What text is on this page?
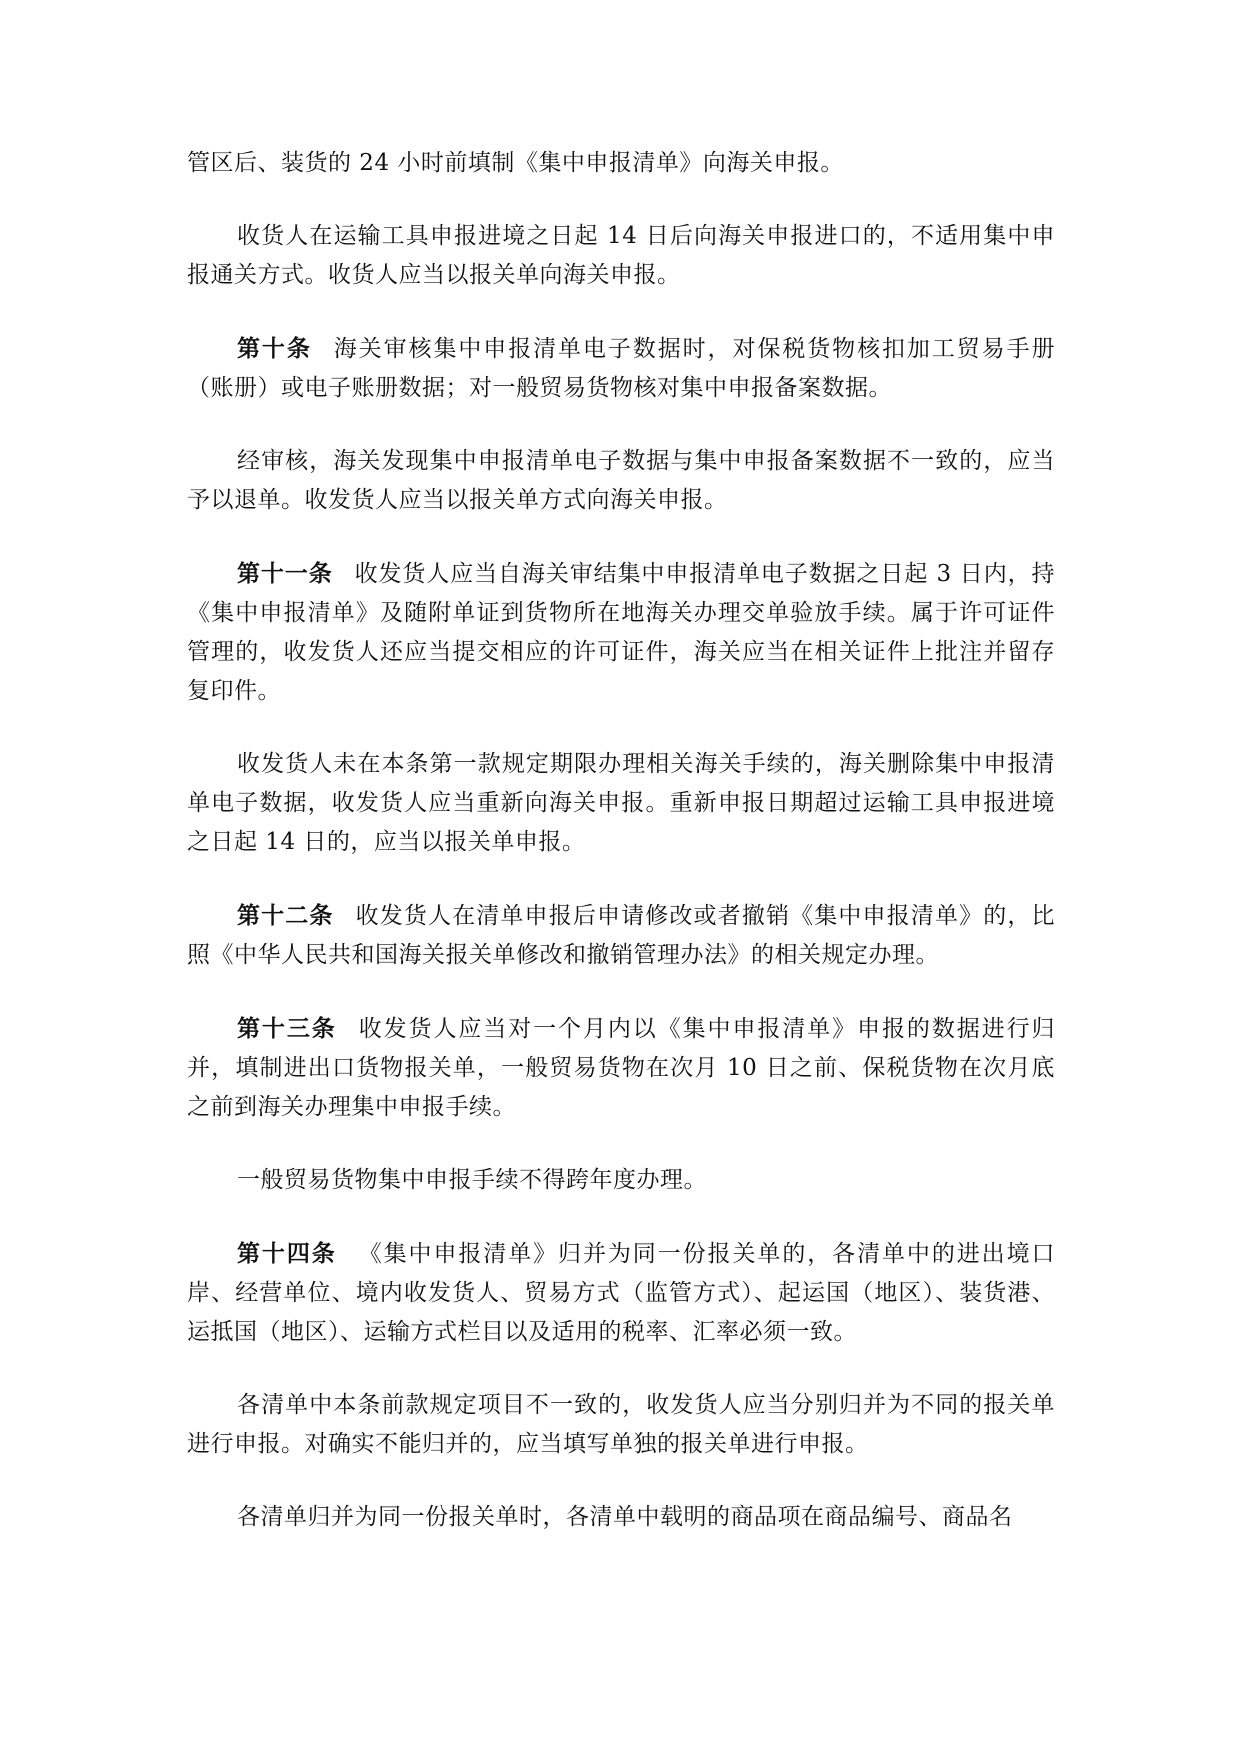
管区后、装货的 24 小时前填制《集中申报清单》向海关申报。

收货人在运输工具申报进境之日起 14 日后向海关申报进口的，不适用集中申报通关方式。收货人应当以报关单向海关申报。

第十条 海关审核集中申报清单电子数据时，对保税货物核扣加工贸易手册（账册）或电子账册数据；对一般贸易货物核对集中申报备案数据。

经审核，海关发现集中申报清单电子数据与集中申报备案数据不一致的，应当予以退单。收发货人应当以报关单方式向海关申报。

第十一条 收发货人应当自海关审结集中申报清单电子数据之日起 3 日内，持《集中申报清单》及随附单证到货物所在地海关办理交单验放手续。属于许可证件管理的，收发货人还应当提交相应的许可证件，海关应当在相关证件上批注并留存复印件。

收发货人未在本条第一款规定期限办理相关海关手续的，海关删除集中申报清单电子数据，收发货人应当重新向海关申报。重新申报日期超过运输工具申报进境之日起 14 日的，应当以报关单申报。

第十二条 收发货人在清单申报后申请修改或者撤销《集中申报清单》的，比照《中华人民共和国海关报关单修改和撤销管理办法》的相关规定办理。

第十三条 收发货人应当对一个月内以《集中申报清单》申报的数据进行归并，填制进出口货物报关单，一般贸易货物在次月 10 日之前、保税货物在次月底之前到海关办理集中申报手续。

一般贸易货物集中申报手续不得跨年度办理。

第十四条 《集中申报清单》归并为同一份报关单的，各清单中的进出境口岸、经营单位、境内收发货人、贸易方式（监管方式）、起运国（地区）、装货港、运抵国（地区）、运输方式栏目以及适用的税率、汇率必须一致。

各清单中本条前款规定项目不一致的，收发货人应当分别归并为不同的报关单进行申报。对确实不能归并的，应当填写单独的报关单进行申报。

各清单归并为同一份报关单时，各清单中载明的商品项在商品编号、商品名
